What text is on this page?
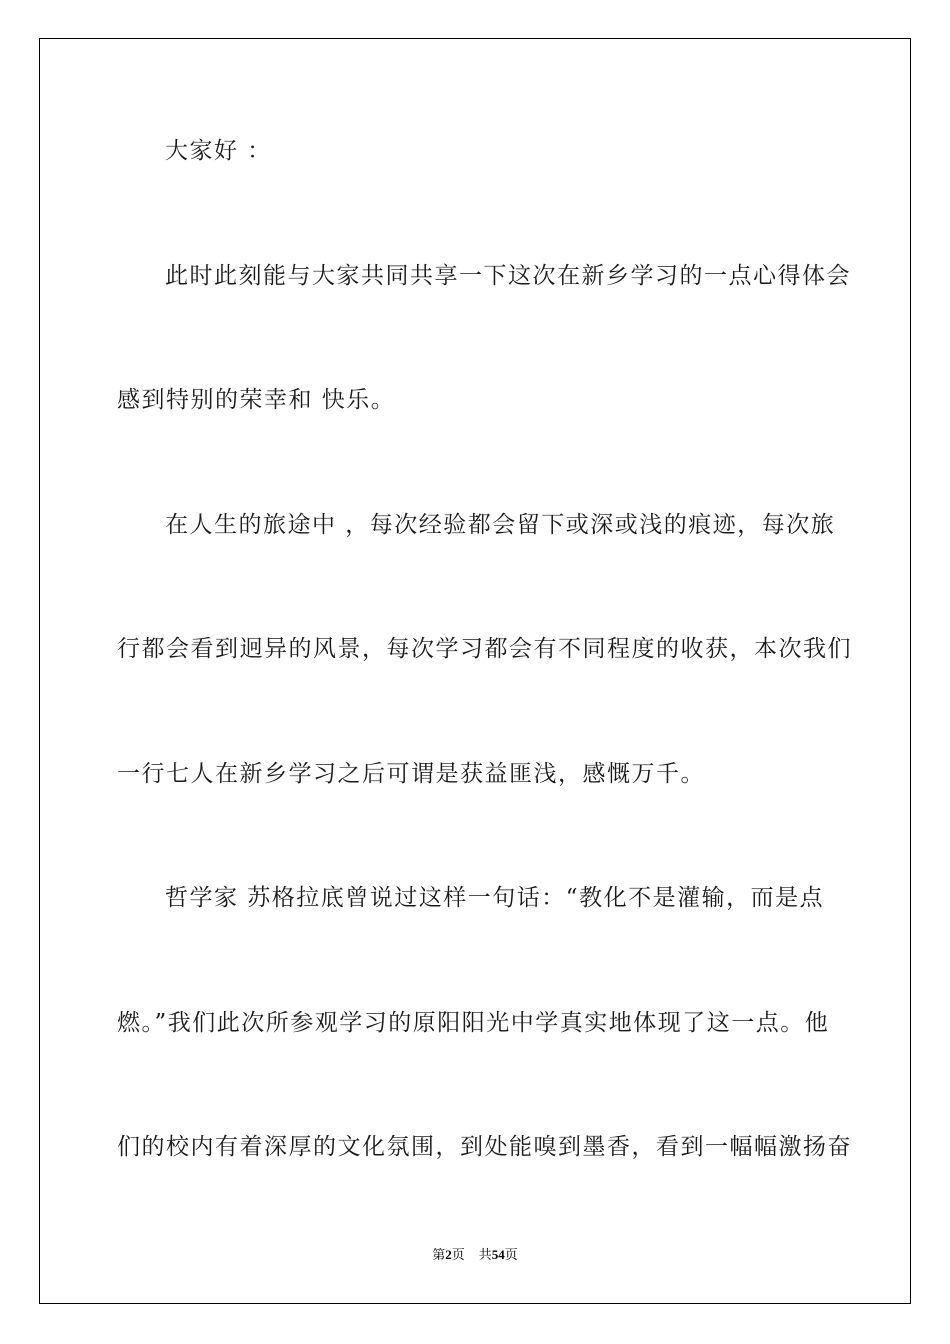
大家好 ：
此时此刻能与大家共同共享一下这次在新乡学习的一点心得体会
感到特别的荣幸和 快乐。
在人生的旅途中 ，每次经验都会留下或深或浅的痕迹，每次旅
行都会看到迥异的风景，每次学习都会有不同程度的收获，本次我们
一行七人在新乡学习之后可谓是获益匪浅，感慨万千。
哲学家 苏格拉底曾说过这样一句话：“教化不是灌输，而是点
燃。”我们此次所参观学习的原阳阳光中学真实地体现了这一点。他
们的校内有着深厚的文化氛围，到处能嗅到墨香，看到一幅幅激扬奋
第2页 共54页
